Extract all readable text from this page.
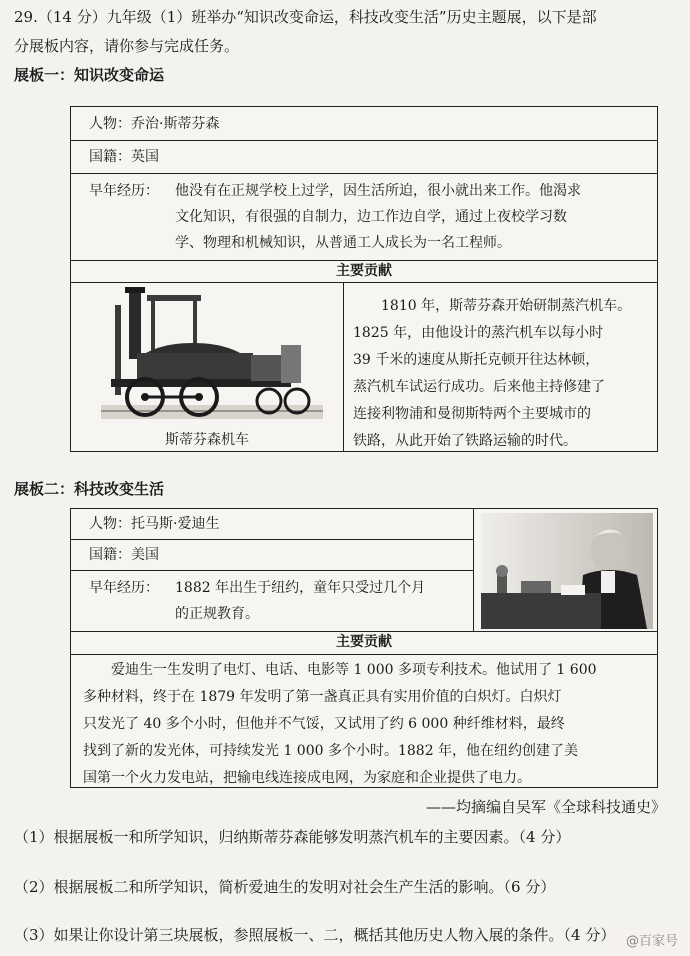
29.（14 分）九年级（1）班举办“知识改变命运，科技改变生活”历史主题展，以下是部
分展板内容，请你参与完成任务。
展板一：知识改变命运
人物：乔治·斯蒂芬森
国籍：英国
早年经历： 他没有在正规学校上过学，因生活所迫，很小就出来工作。他渴求
文化知识，有很强的自制力，边工作边自学，通过上夜校学习数
学、物理和机械知识，从普通工人成长为一名工程师。
主要贡献
斯蒂芬森机车
1810 年，斯蒂芬森开始研制蒸汽机车。
1825 年，由他设计的蒸汽机车以每小时
39 千米的速度从斯托克顿开往达林顿，
蒸汽机车试运行成功。后来他主持修建了
连接利物浦和曼彻斯特两个主要城市的
铁路，从此开始了铁路运输的时代。
展板二：科技改变生活
人物：托马斯·爱迪生
国籍：美国
早年经历： 1882 年出生于纽约，童年只受过几个月
的正规教育。
主要贡献
爱迪生一生发明了电灯、电话、电影等 1 000 多项专利技术。他试用了 1 600
多种材料，终于在 1879 年发明了第一盏真正具有实用价值的白炽灯。白炽灯
只发光了 40 多个小时，但他并不气馁，又试用了约 6 000 种纤维材料，最终
找到了新的发光体，可持续发光 1 000 多个小时。1882 年，他在纽约创建了美
国第一个火力发电站，把输电线连接成电网，为家庭和企业提供了电力。
——均摘编自吴军《全球科技通史》
（1）根据展板一和所学知识，归纳斯蒂芬森能够发明蒸汽机车的主要因素。（4 分）
（2）根据展板二和所学知识，简析爱迪生的发明对社会生产生活的影响。（6 分）
（3）如果让你设计第三块展板，参照展板一、二，概括其他历史人物入展的条件。（4 分） @百家号
